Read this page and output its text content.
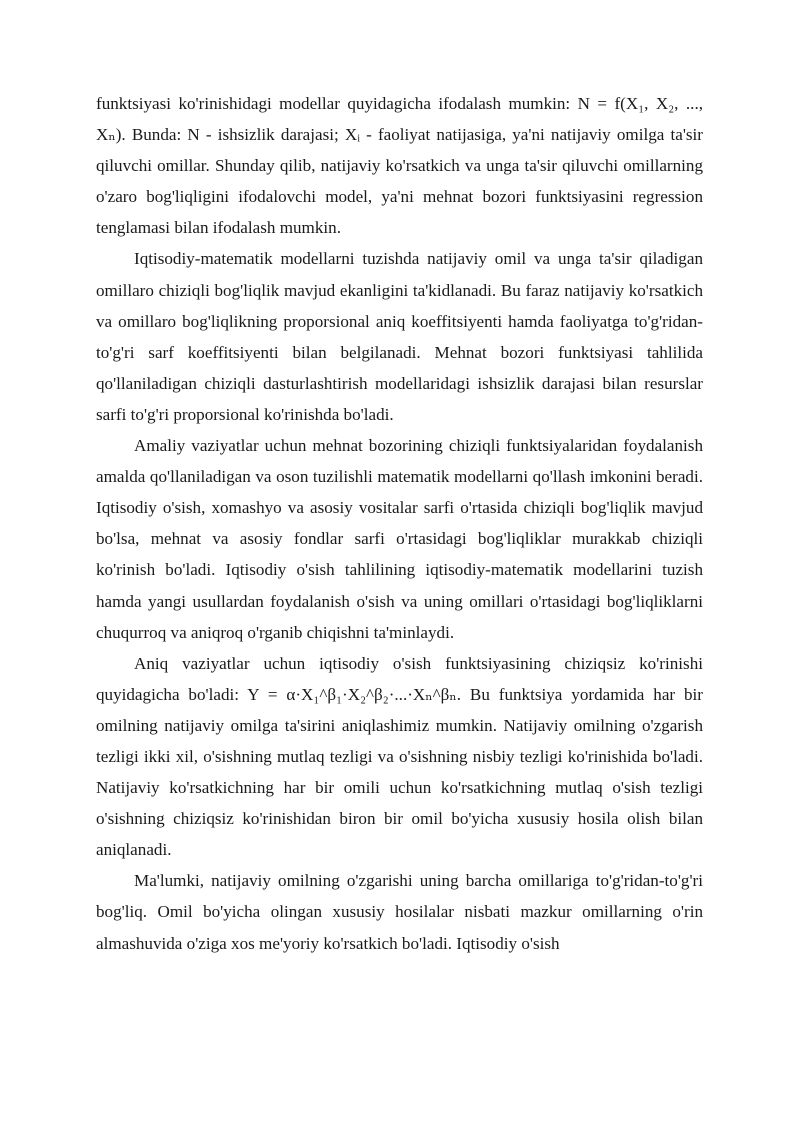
funktsiyasi ko'rinishidagi modellar quyidagicha ifodalash mumkin: N = f(X₁, X₂, ..., Xₙ). Bunda: N - ishsizlik darajasi; Xᵢ - faoliyat natijasiga, ya'ni natijaviy omilga ta'sir qiluvchi omillar. Shunday qilib, natijaviy ko'rsatkich va unga ta'sir qiluvchi omillarning o'zaro bog'liqligini ifodalovchi model, ya'ni mehnat bozori funktsiyasini regression tenglamasi bilan ifodalash mumkin.

Iqtisodiy-matematik modellarni tuzishda natijaviy omil va unga ta'sir qiladigan omillaro chiziqli bog'liqlik mavjud ekanligini ta'kidlanadi. Bu faraz natijaviy ko'rsatkich va omillaro bog'liqlikning proporsional aniq koeffitsiyenti hamda faoliyatga to'g'ridan-to'g'ri sarf koeffitsiyenti bilan belgilanadi. Mehnat bozori funktsiyasi tahlilida qo'llaniladigan chiziqli dasturlashtirish modellaridagi ishsizlik darajasi bilan resurslar sarfi to'g'ri proporsional ko'rinishda bo'ladi.

Amaliy vaziyatlar uchun mehnat bozorining chiziqli funktsiyalaridan foydalanish amalda qo'llaniladigan va oson tuzilishli matematik modellarni qo'llash imkonini beradi. Iqtisodiy o'sish, xomashyo va asosiy vositalar sarfi o'rtasida chiziqli bog'liqlik mavjud bo'lsa, mehnat va asosiy fondlar sarfi o'rtasidagi bog'liqliklar murakkab chiziqli ko'rinish bo'ladi. Iqtisodiy o'sish tahlilining iqtisodiy-matematik modellarini tuzish hamda yangi usullardan foydalanish o'sish va uning omillari o'rtasidagi bog'liqliklarni chuqurroq va aniqroq o'rganib chiqishni ta'minlaydi.

Aniq vaziyatlar uchun iqtisodiy o'sish funktsiyasining chiziqsiz ko'rinishi quyidagicha bo'ladi: Y = α·X₁^β₁·X₂^β₂·...·Xₙ^βₙ. Bu funktsiya yordamida har bir omilning natijaviy omilga ta'sirini aniqlashimiz mumkin. Natijaviy omilning o'zgarish tezligi ikki xil, o'sishning mutlaq tezligi va o'sishning nisbiy tezligi ko'rinishida bo'ladi. Natijaviy ko'rsatkichning har bir omili uchun ko'rsatkichning mutlaq o'sish tezligi o'sishning chiziqsiz ko'rinishidan biron bir omil bo'yicha xususiy hosila olish bilan aniqlanadi.

Ma'lumki, natijaviy omilning o'zgarishi uning barcha omillariga to'g'ridan-to'g'ri bog'liq. Omil bo'yicha olingan xususiy hosilalar nisbati mazkur omillarning o'rin almashuvida o'ziga xos me'yoriy ko'rsatkich bo'ladi. Iqtisodiy o'sish
